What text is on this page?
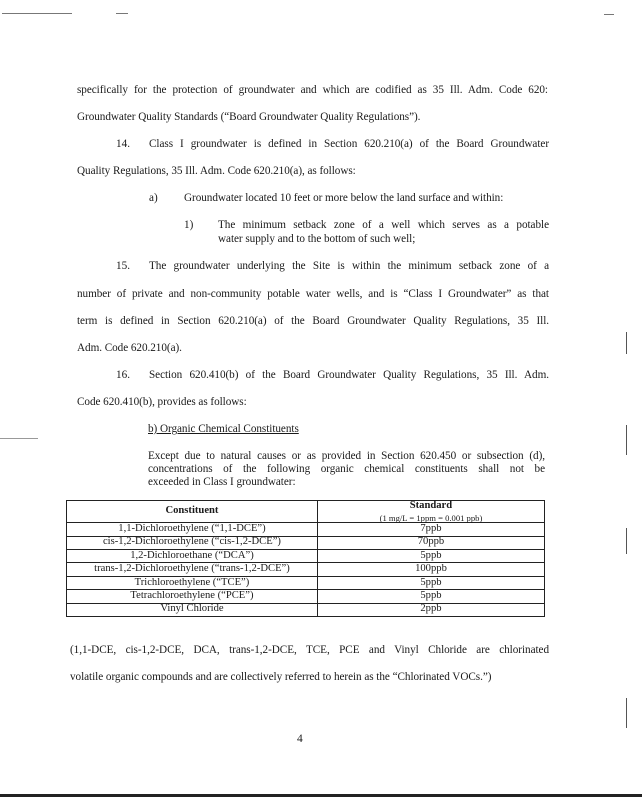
specifically for the protection of groundwater and which are codified as 35 Ill. Adm. Code 620:
Groundwater Quality Standards (“Board Groundwater Quality Regulations”).
14. Class I groundwater is defined in Section 620.210(a) of the Board Groundwater
Quality Regulations, 35 Ill. Adm. Code 620.210(a), as follows:
a) Groundwater located 10 feet or more below the land surface and within:
1) The minimum setback zone of a well which serves as a potable
water supply and to the bottom of such well;
15. The groundwater underlying the Site is within the minimum setback zone of a
number of private and non-community potable water wells, and is “Class I Groundwater” as that
term is defined in Section 620.210(a) of the Board Groundwater Quality Regulations, 35 Ill.
Adm. Code 620.210(a).
16. Section 620.410(b) of the Board Groundwater Quality Regulations, 35 Ill. Adm.
Code 620.410(b), provides as follows:
b) Organic Chemical Constituents
Except due to natural causes or as provided in Section 620.450 or subsection (d),
concentrations of the following organic chemical constituents shall not be
exceeded in Class I groundwater:
Constituent	Standard
(1 mg/L = 1ppm = 0.001 ppb)

1,1-Dichloroethylene (“1,1-DCE”)	7ppb
cis-1,2-Dichloroethylene (“cis-1,2-DCE”)	70ppb
1,2-Dichloroethane (“DCA”)	5ppb
trans-1,2-Dichloroethylene (“trans-1,2-DCE”)	100ppb
Trichloroethylene (“TCE”)	5ppb
Tetrachloroethylene (“PCE”)	5ppb
Vinyl Chloride	2ppb
(1,1-DCE, cis-1,2-DCE, DCA, trans-1,2-DCE, TCE, PCE and Vinyl Chloride are chlorinated
volatile organic compounds and are collectively referred to herein as the “Chlorinated VOCs.”)
4
